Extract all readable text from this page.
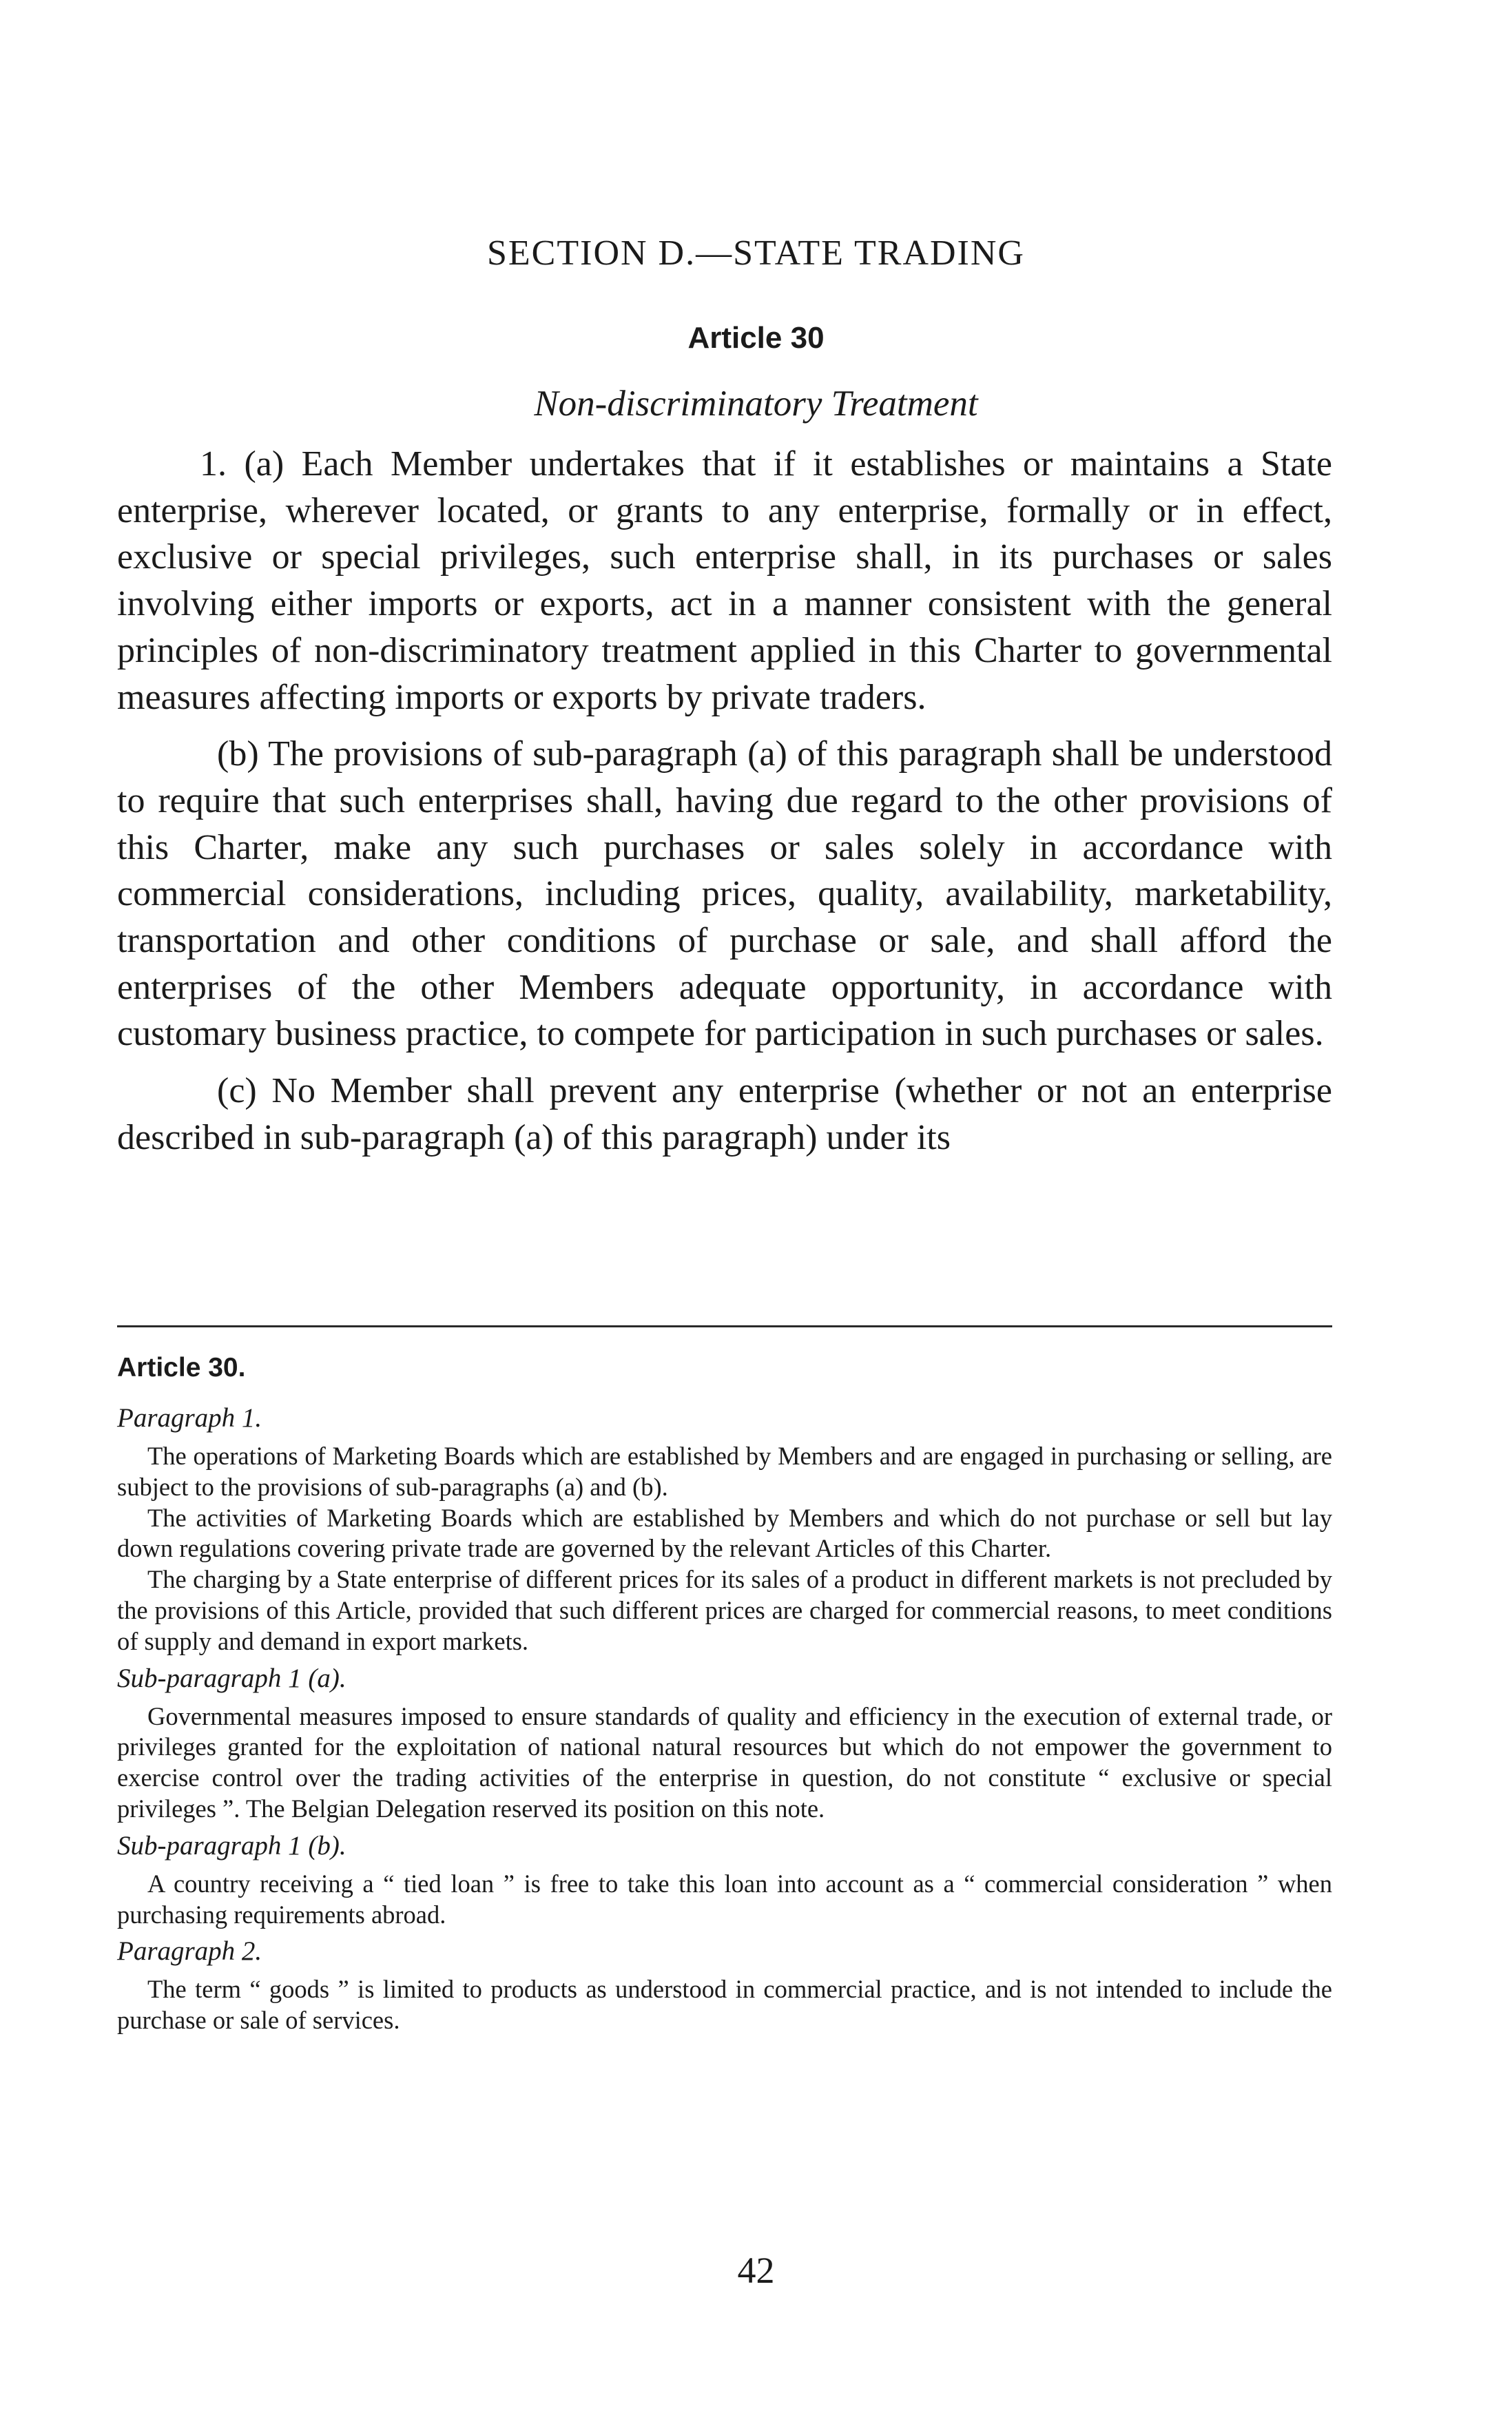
SECTION D.—STATE TRADING
Article 30
Non-discriminatory Treatment

1. (a) Each Member undertakes that if it establishes or maintains a State enterprise, wherever located, or grants to any enterprise, formally or in effect, exclusive or special privileges, such enterprise shall, in its purchases or sales involving either imports or exports, act in a manner consistent with the general principles of non-discriminatory treatment applied in this Charter to governmental measures affecting imports or exports by private traders.

(b) The provisions of sub-paragraph (a) of this paragraph shall be understood to require that such enterprises shall, having due regard to the other provisions of this Charter, make any such purchases or sales solely in accordance with commercial considerations, including prices, quality, availability, marketability, transportation and other conditions of purchase or sale, and shall afford the enterprises of the other Members adequate opportunity, in accordance with customary business practice, to compete for participation in such purchases or sales.

(c) No Member shall prevent any enterprise (whether or not an enterprise described in sub-paragraph (a) of this paragraph) under its

Article 30.
Paragraph 1.

The operations of Marketing Boards which are established by Members and are engaged in purchasing or selling, are subject to the provisions of sub-paragraphs (a) and (b).

The activities of Marketing Boards which are established by Members and which do not purchase or sell but lay down regulations covering private trade are governed by the relevant Articles of this Charter.

The charging by a State enterprise of different prices for its sales of a product in different markets is not precluded by the provisions of this Article, provided that such different prices are charged for commercial reasons, to meet conditions of supply and demand in export markets.

Sub-paragraph 1 (a).

Governmental measures imposed to ensure standards of quality and efficiency in the execution of external trade, or privileges granted for the exploitation of national natural resources but which do not empower the government to exercise control over the trading activities of the enterprise in question, do not constitute “ exclusive or special privileges ”. The Belgian Delegation reserved its position on this note.

Sub-paragraph 1 (b).

A country receiving a “ tied loan ” is free to take this loan into account as a “ commercial consideration ” when purchasing requirements abroad.

Paragraph 2.

The term “ goods ” is limited to products as understood in commercial practice, and is not intended to include the purchase or sale of services.

42
